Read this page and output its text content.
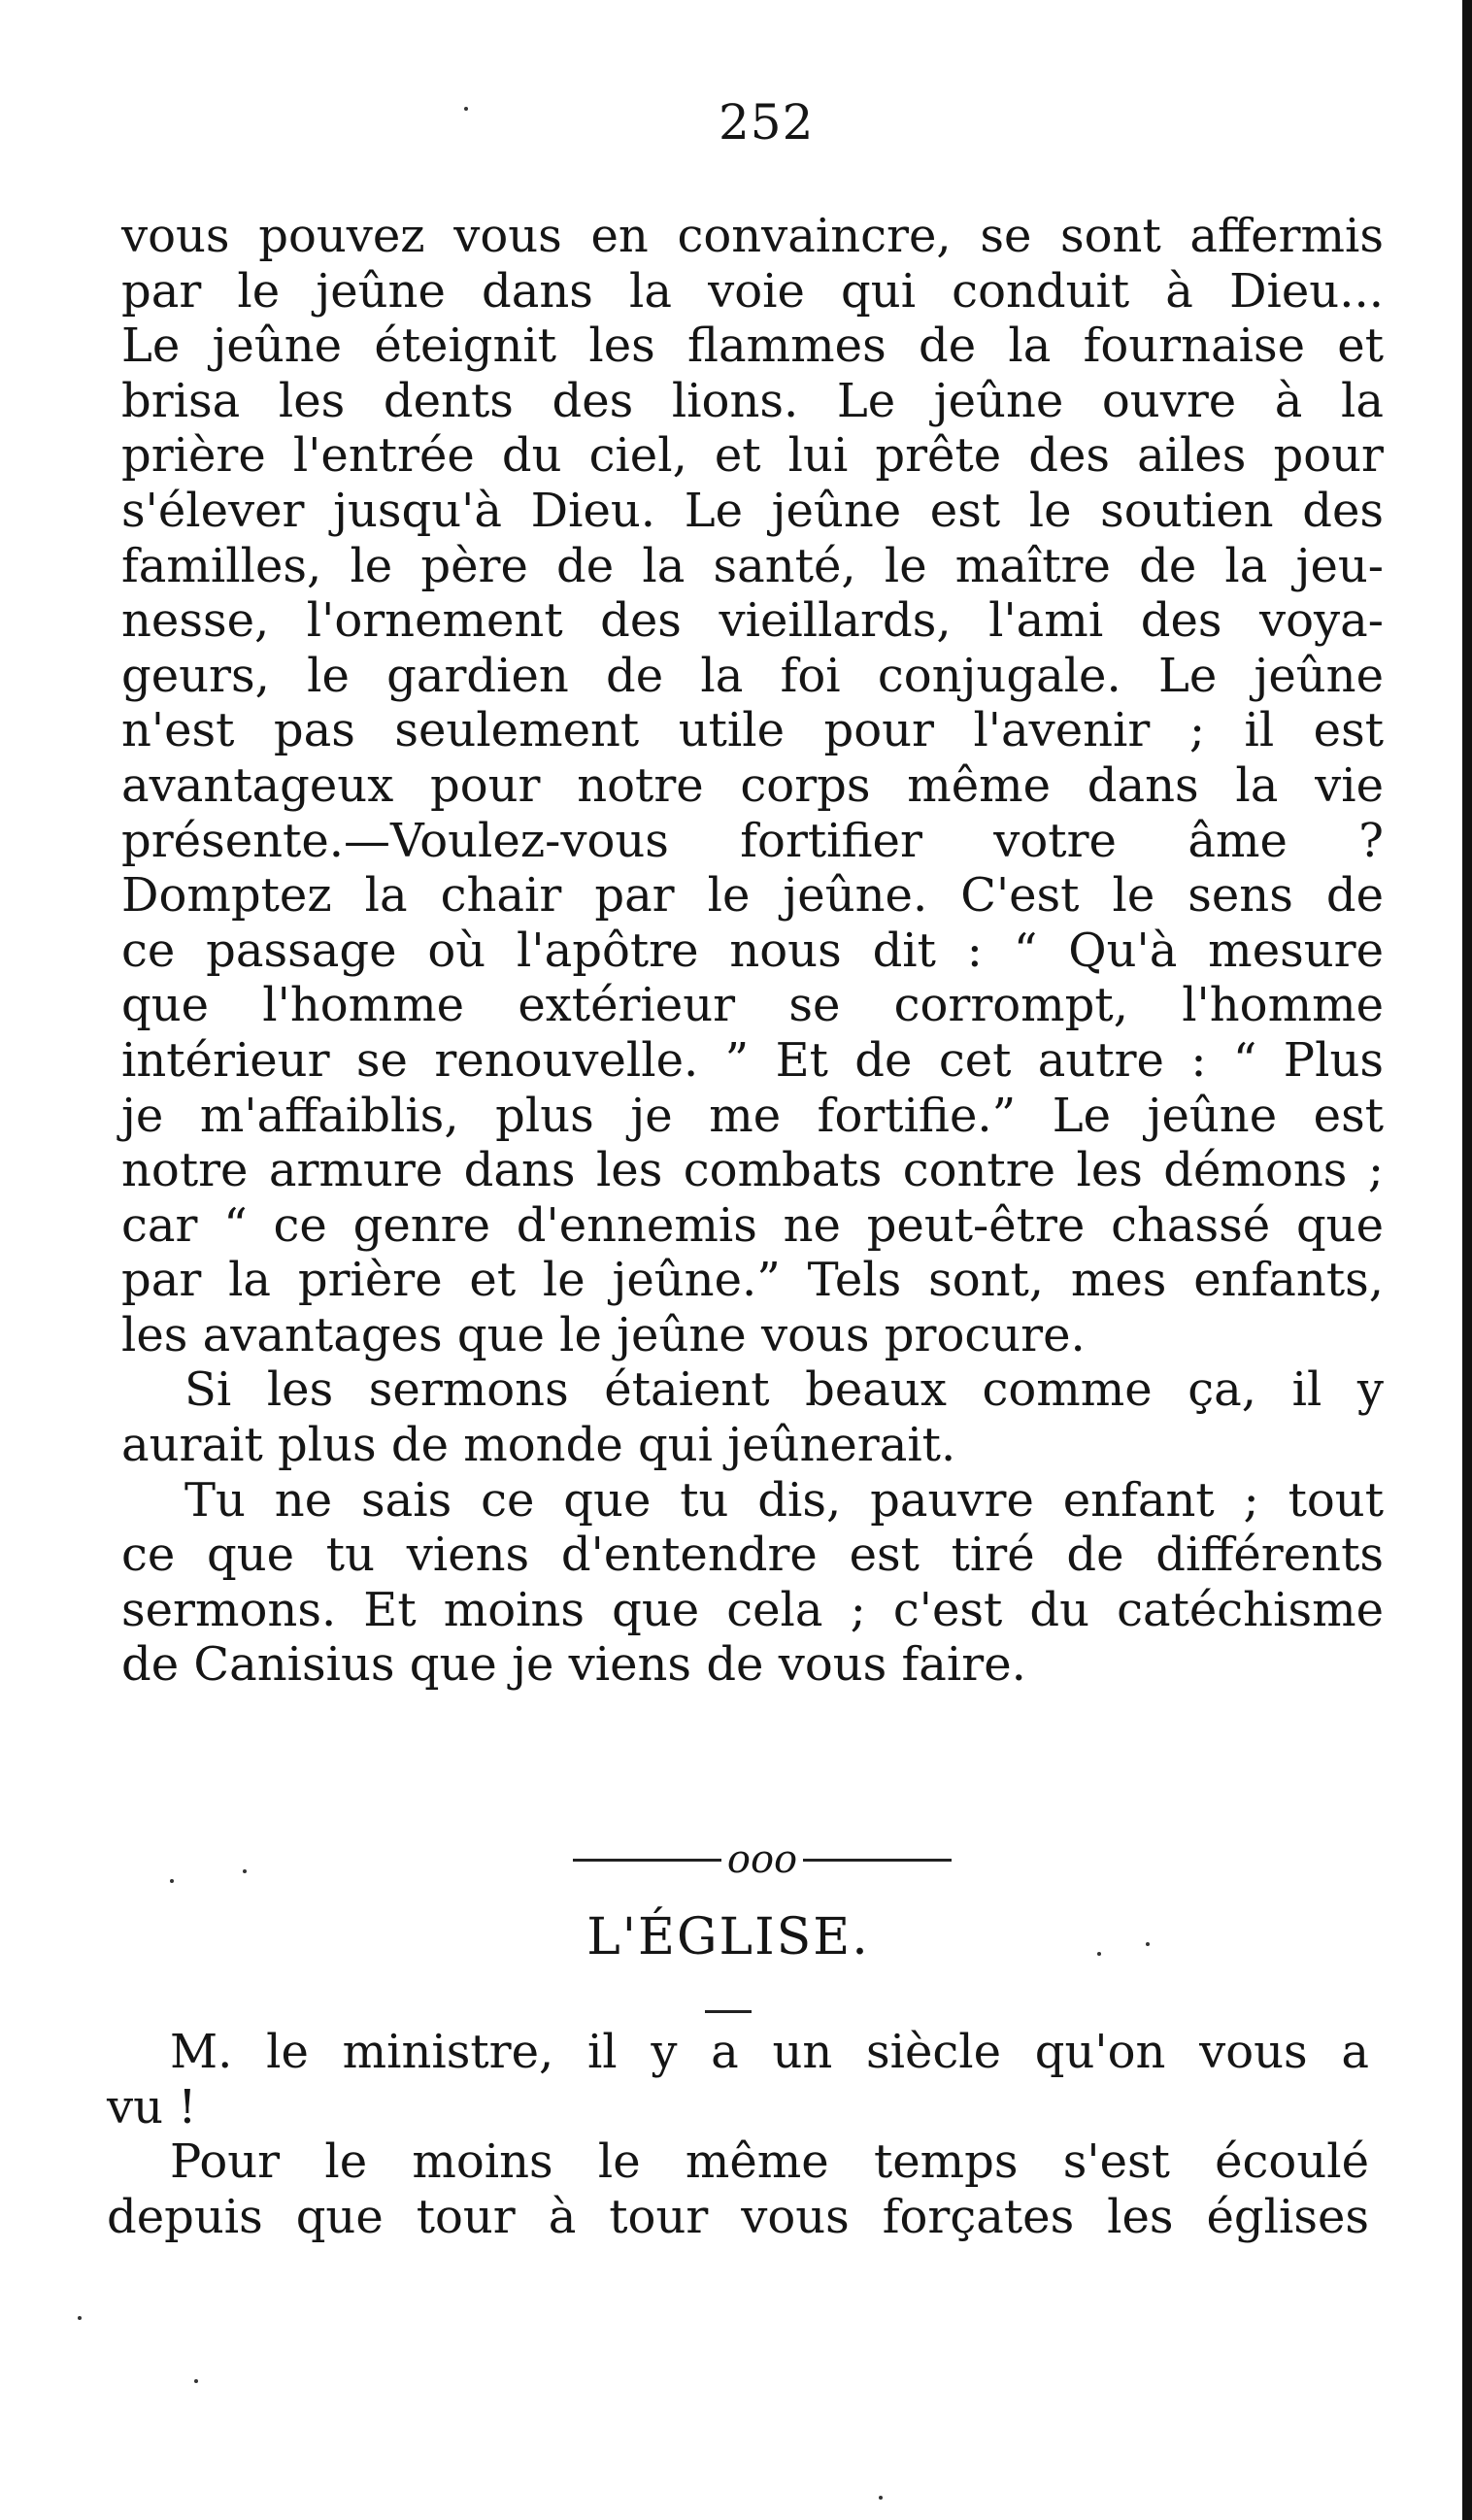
252
vous pouvez vous en convaincre, se sont affermis
par le jeûne dans la voie qui conduit à Dieu...
Le jeûne éteignit les flammes de la fournaise et
brisa les dents des lions. Le jeûne ouvre à la
prière l'entrée du ciel, et lui prête des ailes pour
s'élever jusqu'à Dieu. Le jeûne est le soutien des
familles, le père de la santé, le maître de la jeu-
nesse, l'ornement des vieillards, l'ami des voya-
geurs, le gardien de la foi conjugale. Le jeûne
n'est pas seulement utile pour l'avenir ; il est
avantageux pour notre corps même dans la vie
présente.—Voulez-vous fortifier votre âme ?
Domptez la chair par le jeûne. C'est le sens de
ce passage où l'apôtre nous dit : “ Qu'à mesure
que l'homme extérieur se corrompt, l'homme
intérieur se renouvelle. ” Et de cet autre : “ Plus
je m'affaiblis, plus je me fortifie.” Le jeûne est
notre armure dans les combats contre les démons ;
car “ ce genre d'ennemis ne peut-être chassé que
par la prière et le jeûne.” Tels sont, mes enfants,
les avantages que le jeûne vous procure.
Si les sermons étaient beaux comme ça, il y
aurait plus de monde qui jeûnerait.
Tu ne sais ce que tu dis, pauvre enfant ; tout
ce que tu viens d'entendre est tiré de différents
sermons. Et moins que cela ; c'est du catéchisme
de Canisius que je viens de vous faire.
ooo
L'ÉGLISE.
M. le ministre, il y a un siècle qu'on vous a
vu !
Pour le moins le même temps s'est écoulé
depuis que tour à tour vous forçates les églises
